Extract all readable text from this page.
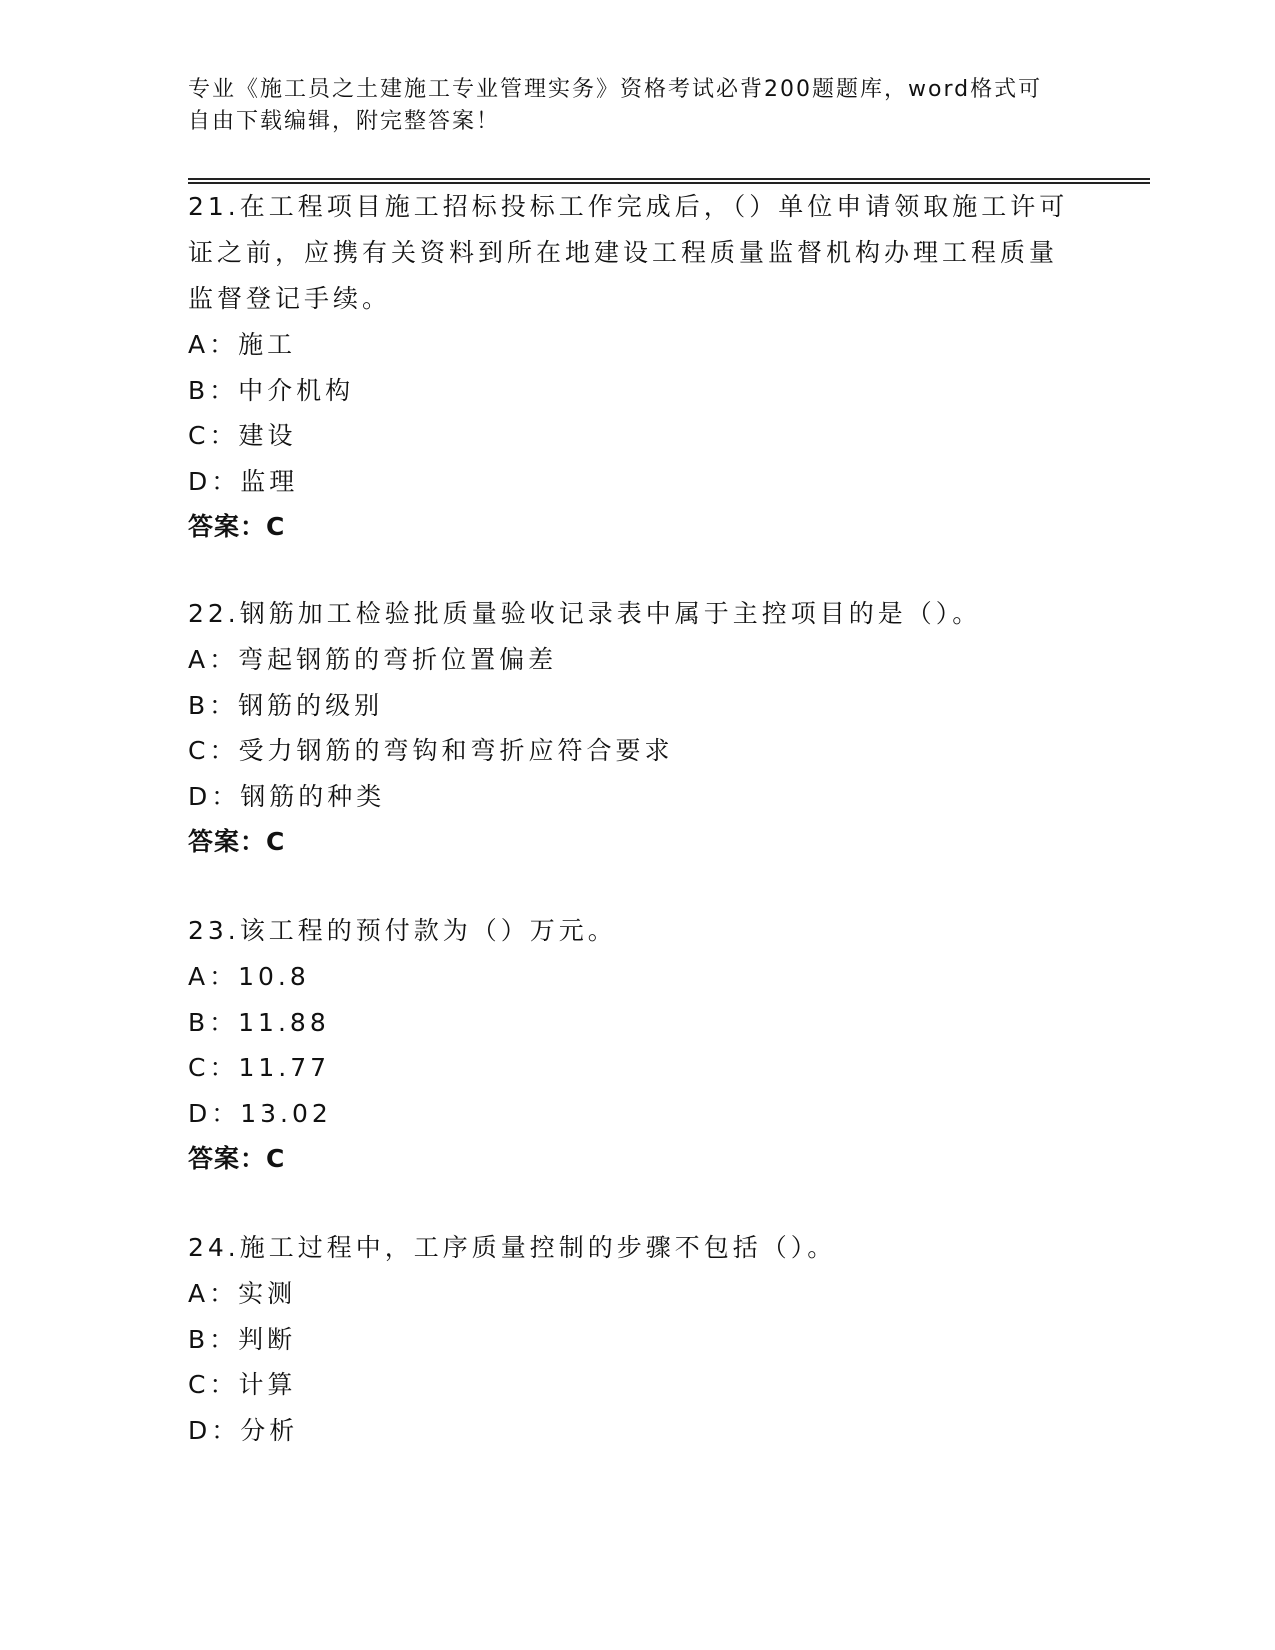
专业《施工员之土建施工专业管理实务》资格考试必背200题题库，word格式可
自由下载编辑，附完整答案！
21.在工程项目施工招标投标工作完成后，（）单位申请领取施工许可
证之前，应携有关资料到所在地建设工程质量监督机构办理工程质量
监督登记手续。
A：施工
B：中介机构
C：建设
D：监理
答案：C
22.钢筋加工检验批质量验收记录表中属于主控项目的是（）。
A：弯起钢筋的弯折位置偏差
B：钢筋的级别
C：受力钢筋的弯钩和弯折应符合要求
D：钢筋的种类
答案：C
23.该工程的预付款为（）万元。
A：10.8
B：11.88
C：11.77
D：13.02
答案：C
24.施工过程中，工序质量控制的步骤不包括（）。
A：实测
B：判断
C：计算
D：分析
